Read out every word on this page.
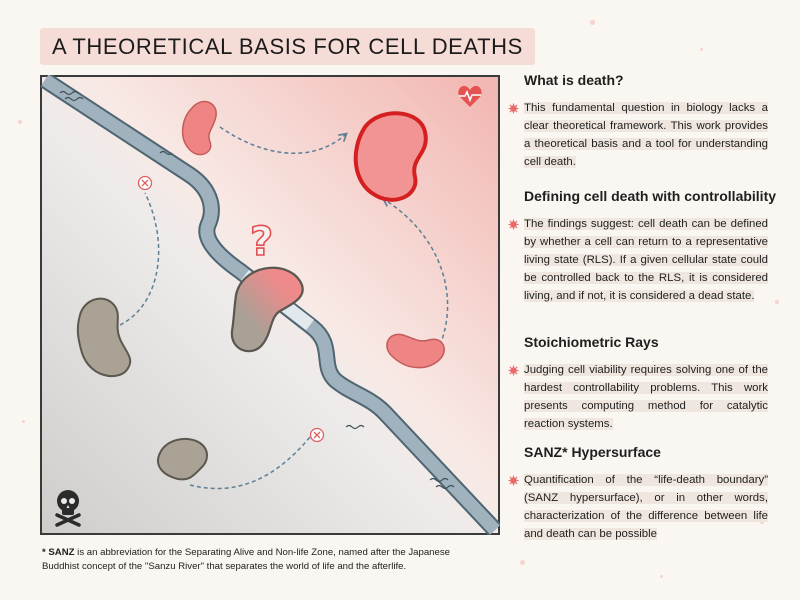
A THEORETICAL BASIS FOR CELL DEATHS
?
What is death?

This fundamental question in biology lacks a clear theoretical framework. This work provides a theoretical basis and a tool for understanding cell death.

Defining cell death with controllability

The findings suggest: cell death can be defined by whether a cell can return to a representative living state (RLS). If a given cellular state could be controlled back to the RLS, it is considered living, and if not, it is considered a dead state.

Stoichiometric Rays

Judging cell viability requires solving one of the hardest controllability problems. This work presents computing method for catalytic reaction systems.

SANZ* Hypersurface

Quantification of the “life-death boundary” (SANZ hypersurface), or in other words, characterization of the difference between life and death can be possible

* SANZ is an abbreviation for the Separating Alive and Non-life Zone, named after the Japanese Buddhist concept of the "Sanzu River" that separates the world of life and the afterlife.
